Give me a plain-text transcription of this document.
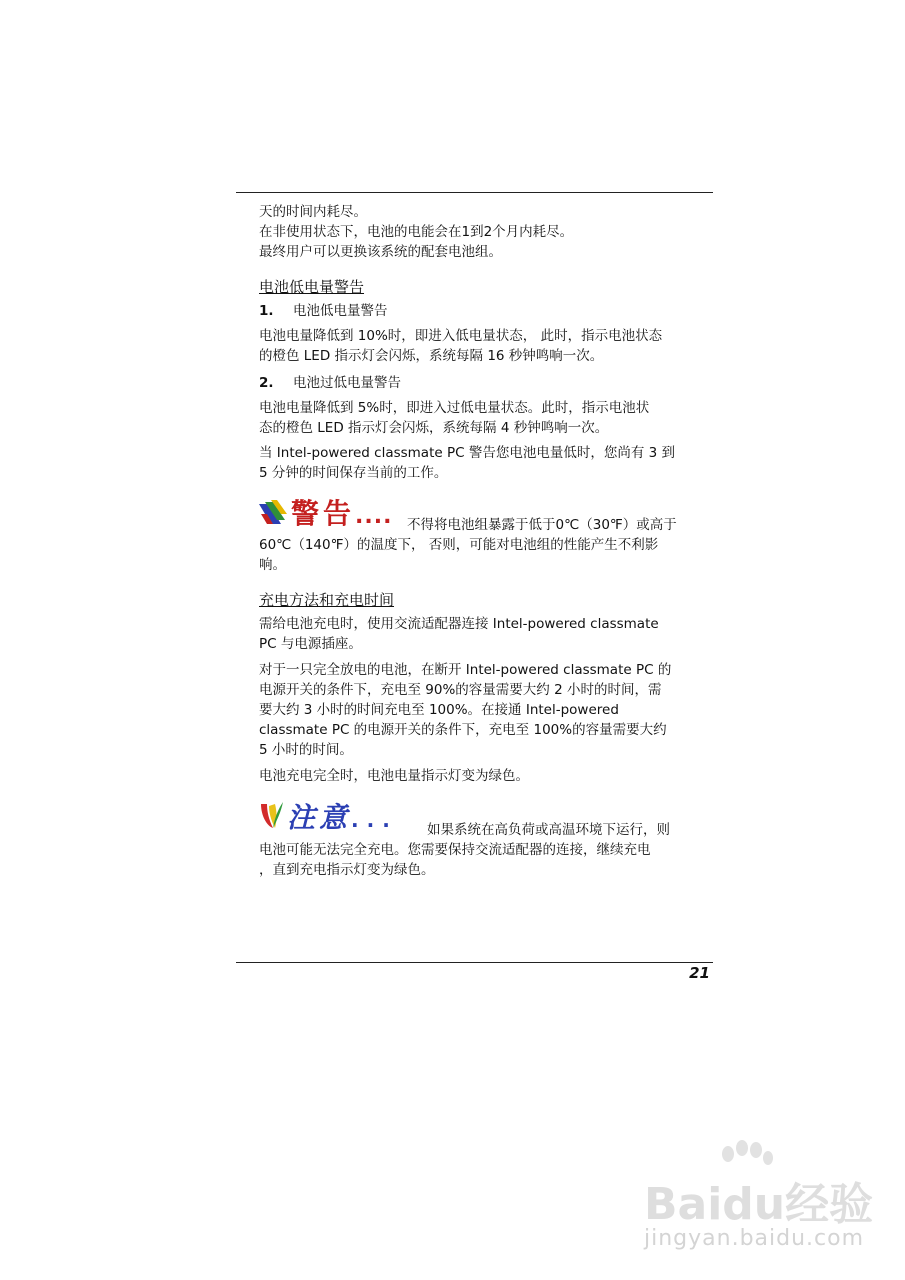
天的时间内耗尽。
在非使用状态下，电池的电能会在1到2个月内耗尽。
最终用户可以更换该系统的配套电池组。
电池低电量警告
1. 电池低电量警告
电池电量降低到 10%时，即进入低电量状态， 此时，指示电池状态
的橙色 LED 指示灯会闪烁，系统每隔 16 秒钟鸣响一次。
2. 电池过低电量警告
电池电量降低到 5%时，即进入过低电量状态。此时，指示电池状
态的橙色 LED 指示灯会闪烁，系统每隔 4 秒钟鸣响一次。
当 Intel-powered classmate PC 警告您电池电量低时，您尚有 3 到
5 分钟的时间保存当前的工作。
警告.... 不得将电池组暴露于低于0℃（30℉）或高于
60℃（140℉）的温度下， 否则，可能对电池组的性能产生不利影
响。
充电方法和充电时间
需给电池充电时，使用交流适配器连接 Intel-powered classmate
PC 与电源插座。
对于一只完全放电的电池，在断开 Intel-powered classmate PC 的
电源开关的条件下，充电至 90%的容量需要大约 2 小时的时间，需
要大约 3 小时的时间充电至 100%。在接通 Intel-powered
classmate PC 的电源开关的条件下，充电至 100%的容量需要大约
5 小时的时间。
电池充电完全时，电池电量指示灯变为绿色。
注意... 如果系统在高负荷或高温环境下运行，则
电池可能无法完全充电。您需要保持交流适配器的连接，继续充电
，直到充电指示灯变为绿色。
21
Baidu经验
jingyan.baidu.com
